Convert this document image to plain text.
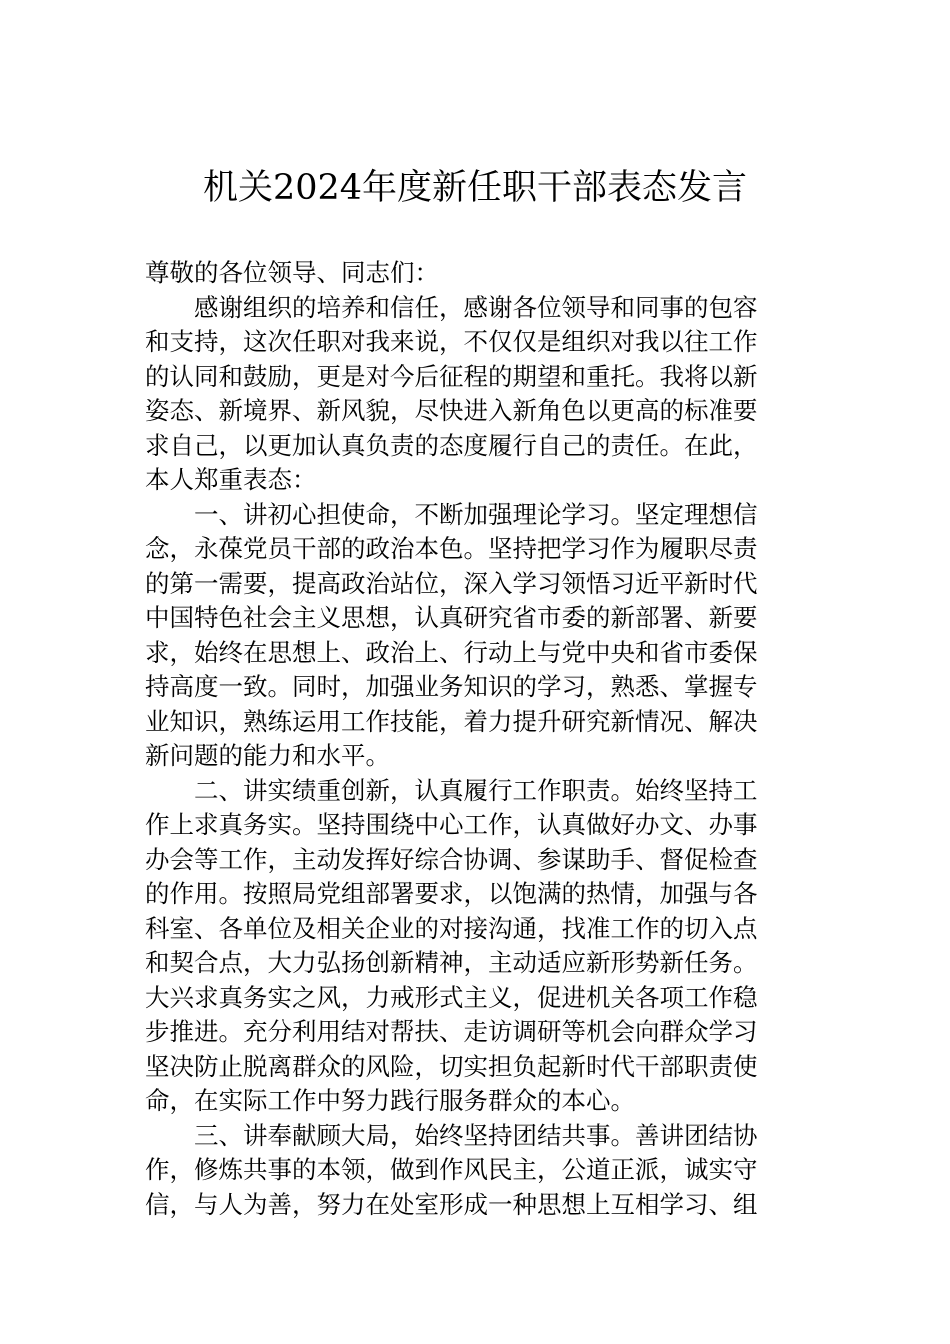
机关2024年度新任职干部表态发言
尊敬的各位领导、同志们：
感谢组织的培养和信任，感谢各位领导和同事的包容
和支持，这次任职对我来说，不仅仅是组织对我以往工作
的认同和鼓励，更是对今后征程的期望和重托。我将以新
姿态、新境界、新风貌，尽快进入新角色以更高的标准要
求自己，以更加认真负责的态度履行自己的责任。在此，
本人郑重表态：
一、讲初心担使命，不断加强理论学习。坚定理想信
念，永葆党员干部的政治本色。坚持把学习作为履职尽责
的第一需要，提高政治站位，深入学习领悟习近平新时代
中国特色社会主义思想，认真研究省市委的新部署、新要
求，始终在思想上、政治上、行动上与党中央和省市委保
持高度一致。同时，加强业务知识的学习，熟悉、掌握专
业知识，熟练运用工作技能，着力提升研究新情况、解决
新问题的能力和水平。
二、讲实绩重创新，认真履行工作职责。始终坚持工
作上求真务实。坚持围绕中心工作，认真做好办文、办事
办会等工作，主动发挥好综合协调、参谋助手、督促检查
的作用。按照局党组部署要求，以饱满的热情，加强与各
科室、各单位及相关企业的对接沟通，找准工作的切入点
和契合点，大力弘扬创新精神，主动适应新形势新任务。
大兴求真务实之风，力戒形式主义，促进机关各项工作稳
步推进。充分利用结对帮扶、走访调研等机会向群众学习
坚决防止脱离群众的风险，切实担负起新时代干部职责使
命，在实际工作中努力践行服务群众的本心。
三、讲奉献顾大局，始终坚持团结共事。善讲团结协
作，修炼共事的本领，做到作风民主，公道正派，诚实守
信，与人为善，努力在处室形成一种思想上互相学习、组
